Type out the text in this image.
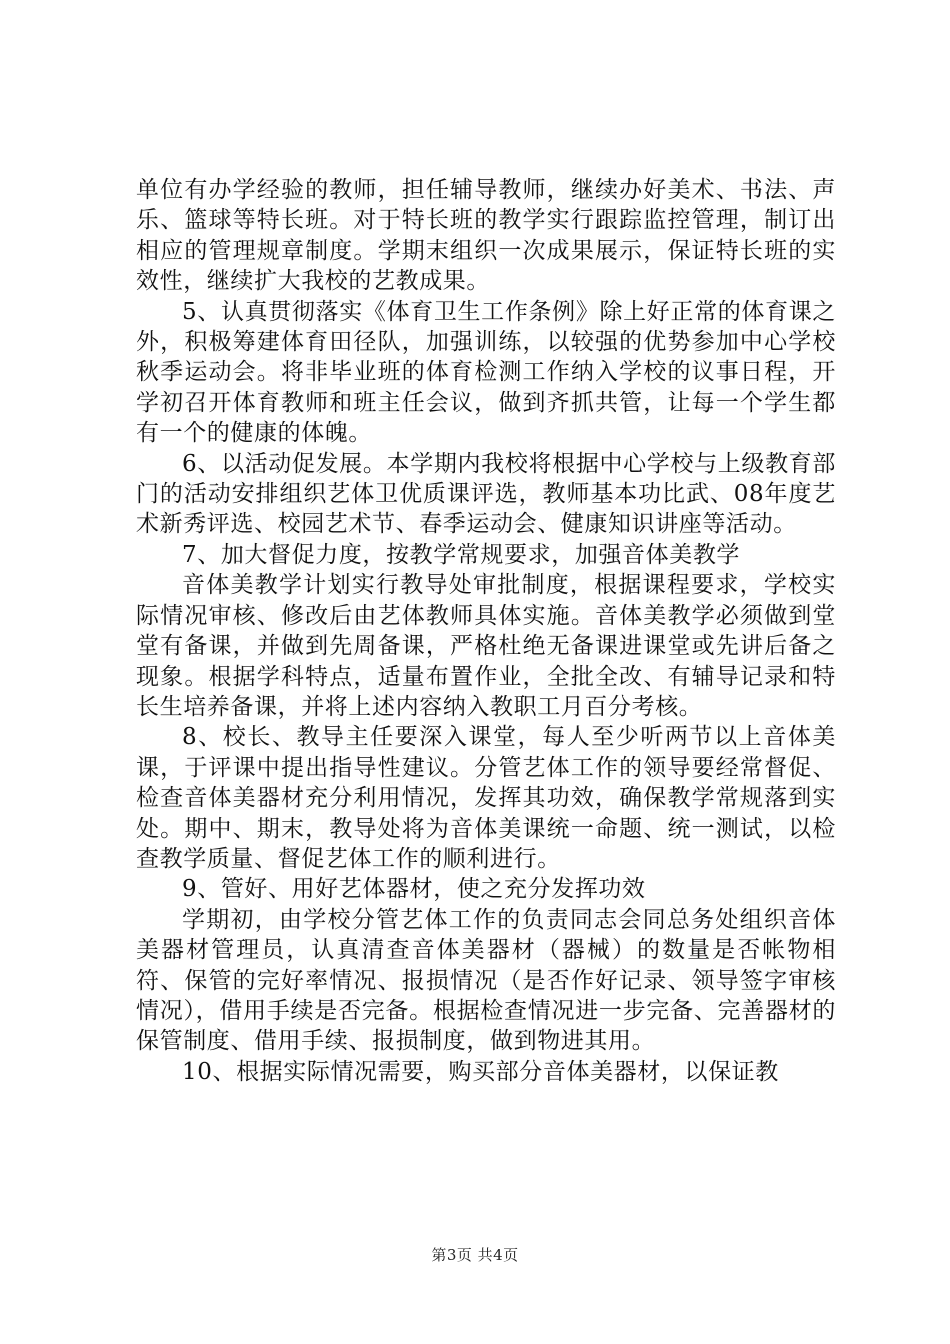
单位有办学经验的教师，担任辅导教师，继续办好美术、书法、声乐、篮球等特长班。对于特长班的教学实行跟踪监控管理，制订出相应的管理规章制度。学期末组织一次成果展示，保证特长班的实效性，继续扩大我校的艺教成果。

5、认真贯彻落实《体育卫生工作条例》除上好正常的体育课之外，积极筹建体育田径队，加强训练，以较强的优势参加中心学校秋季运动会。将非毕业班的体育检测工作纳入学校的议事日程，开学初召开体育教师和班主任会议，做到齐抓共管，让每一个学生都有一个的健康的体魄。

6、以活动促发展。本学期内我校将根据中心学校与上级教育部门的活动安排组织艺体卫优质课评选，教师基本功比武、08年度艺术新秀评选、校园艺术节、春季运动会、健康知识讲座等活动。

7、加大督促力度，按教学常规要求，加强音体美教学

音体美教学计划实行教导处审批制度，根据课程要求，学校实际情况审核、修改后由艺体教师具体实施。音体美教学必须做到堂堂有备课，并做到先周备课，严格杜绝无备课进课堂或先讲后备之现象。根据学科特点，适量布置作业，全批全改、有辅导记录和特长生培养备课，并将上述内容纳入教职工月百分考核。

8、校长、教导主任要深入课堂，每人至少听两节以上音体美课，于评课中提出指导性建议。分管艺体工作的领导要经常督促、检查音体美器材充分利用情况，发挥其功效，确保教学常规落到实处。期中、期末，教导处将为音体美课统一命题、统一测试，以检查教学质量、督促艺体工作的顺利进行。

9、管好、用好艺体器材，使之充分发挥功效

学期初，由学校分管艺体工作的负责同志会同总务处组织音体美器材管理员，认真清查音体美器材（器械）的数量是否帐物相符、保管的完好率情况、报损情况（是否作好记录、领导签字审核情况），借用手续是否完备。根据检查情况进一步完备、完善器材的保管制度、借用手续、报损制度，做到物进其用。

10、根据实际情况需要，购买部分音体美器材，以保证教

第3页 共4页
